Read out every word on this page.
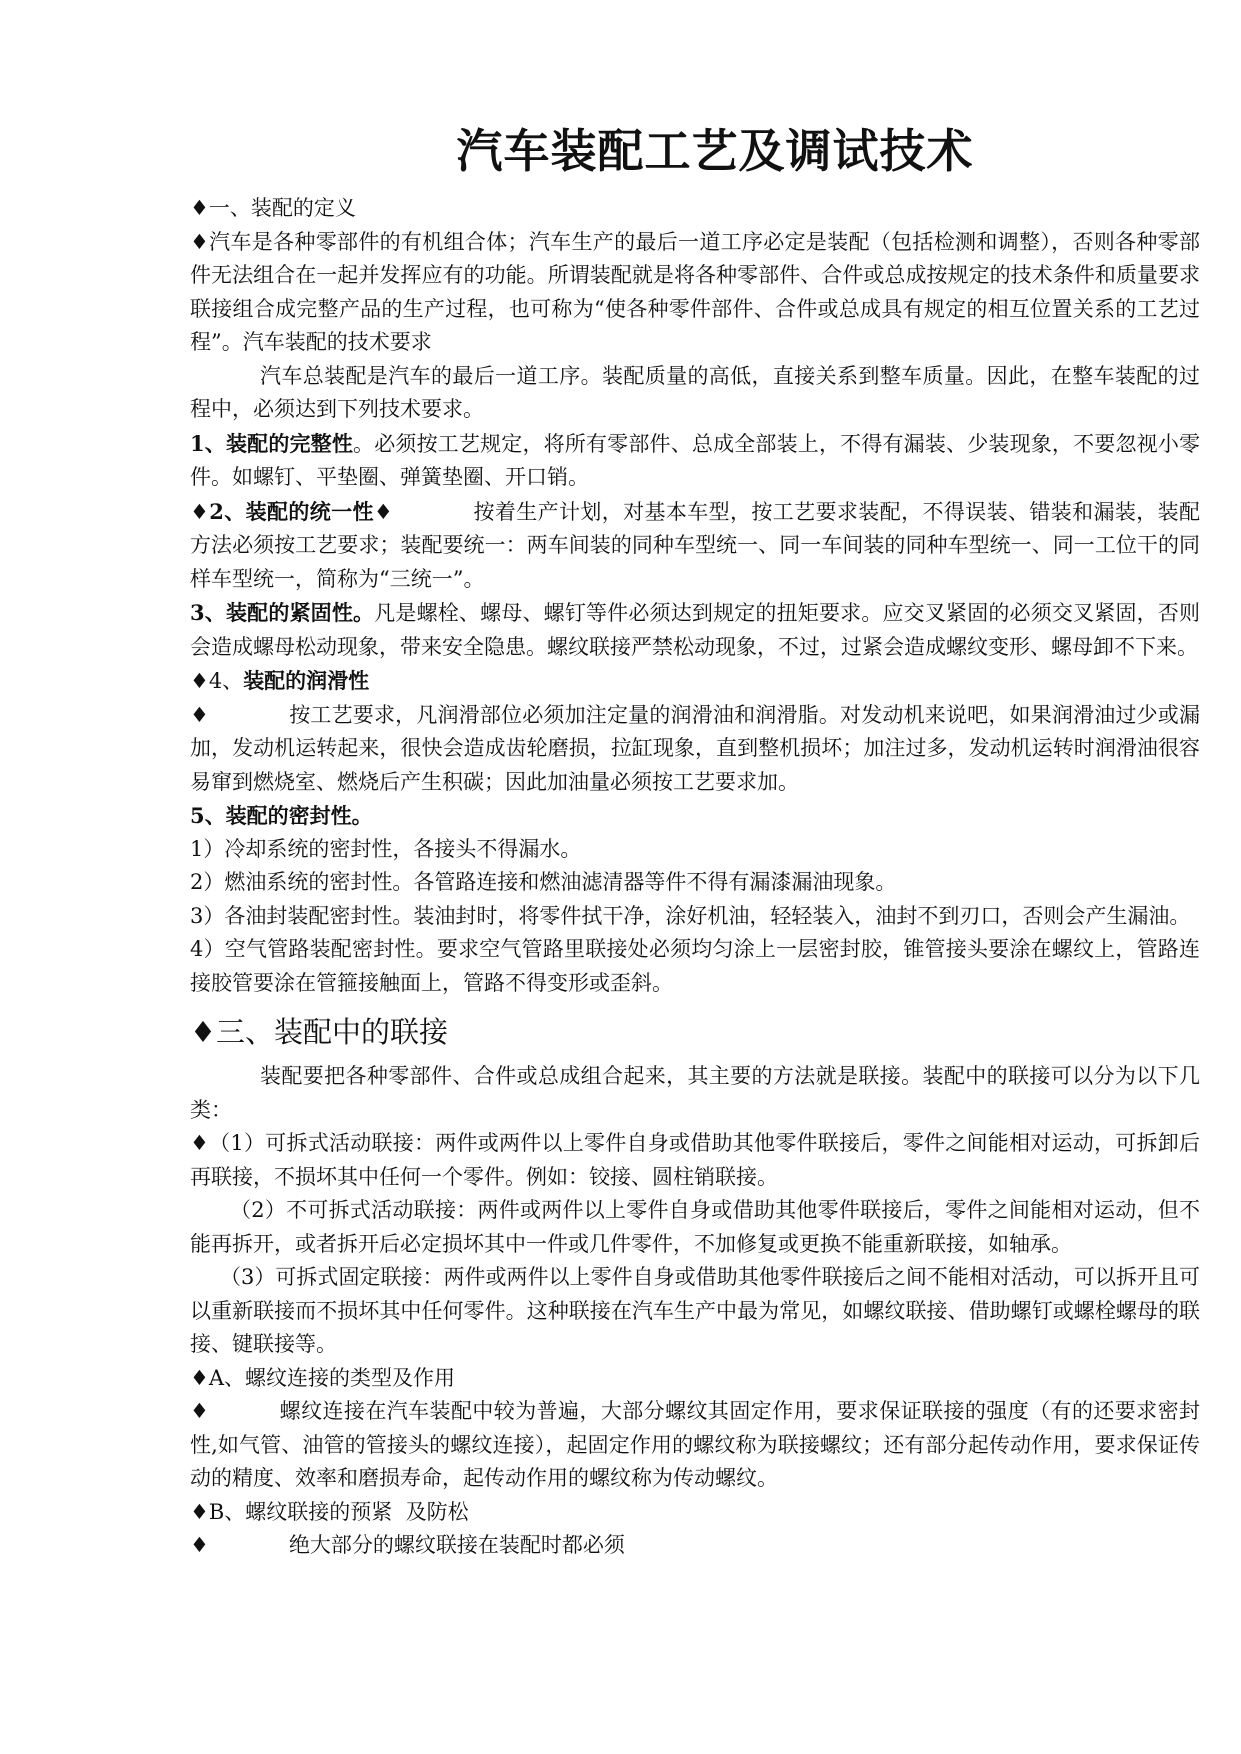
汽车装配工艺及调试技术

♦一、装配的定义

♦汽车是各种零部件的有机组合体；汽车生产的最后一道工序必定是装配（包括检测和调整），否则各种零部件无法组合在一起并发挥应有的功能。所谓装配就是将各种零部件、合件或总成按规定的技术条件和质量要求联接组合成完整产品的生产过程，也可称为“使各种零件部件、合件或总成具有规定的相互位置关系的工艺过程”。汽车装配的技术要求

汽车总装配是汽车的最后一道工序。装配质量的高低，直接关系到整车质量。因此，在整车装配的过程中，必须达到下列技术要求。

1、装配的完整性。必须按工艺规定，将所有零部件、总成全部装上，不得有漏装、少装现象，不要忽视小零件。如螺钉、平垫圈、弹簧垫圈、开口销。

♦2、装配的统一性♦	按着生产计划，对基本车型，按工艺要求装配，不得误装、错装和漏装，装配方法必须按工艺要求；装配要统一：两车间装的同种车型统一、同一车间装的同种车型统一、同一工位干的同样车型统一，简称为“三统一”。

3、装配的紧固性。凡是螺栓、螺母、螺钉等件必须达到规定的扭矩要求。应交叉紧固的必须交叉紧固，否则会造成螺母松动现象，带来安全隐患。螺纹联接严禁松动现象，不过，过紧会造成螺纹变形、螺母卸不下来。

♦4、装配的润滑性

♦	按工艺要求，凡润滑部位必须加注定量的润滑油和润滑脂。对发动机来说吧，如果润滑油过少或漏加，发动机运转起来，很快会造成齿轮磨损，拉缸现象，直到整机损坏；加注过多，发动机运转时润滑油很容易窜到燃烧室、燃烧后产生积碳；因此加油量必须按工艺要求加。

5、装配的密封性。

1）冷却系统的密封性，各接头不得漏水。

2）燃油系统的密封性。各管路连接和燃油滤清器等件不得有漏漆漏油现象。

3）各油封装配密封性。装油封时，将零件拭干净，涂好机油，轻轻装入，油封不到刃口，否则会产生漏油。

4）空气管路装配密封性。要求空气管路里联接处必须均匀涂上一层密封胶，锥管接头要涂在螺纹上，管路连接胶管要涂在管箍接触面上，管路不得变形或歪斜。

♦三、装配中的联接

装配要把各种零部件、合件或总成组合起来，其主要的方法就是联接。装配中的联接可以分为以下几类：

♦（1）可拆式活动联接：两件或两件以上零件自身或借助其他零件联接后，零件之间能相对运动，可拆卸后再联接，不损坏其中任何一个零件。例如：铰接、圆柱销联接。

（2）不可拆式活动联接：两件或两件以上零件自身或借助其他零件联接后，零件之间能相对运动，但不能再拆开，或者拆开后必定损坏其中一件或几件零件，不加修复或更换不能重新联接，如轴承。

（3）可拆式固定联接：两件或两件以上零件自身或借助其他零件联接后之间不能相对活动，可以拆开且可以重新联接而不损坏其中任何零件。这种联接在汽车生产中最为常见，如螺纹联接、借助螺钉或螺栓螺母的联接、键联接等。

♦A、螺纹连接的类型及作用

♦	螺纹连接在汽车装配中较为普遍，大部分螺纹其固定作用，要求保证联接的强度（有的还要求密封性,如气管、油管的管接头的螺纹连接），起固定作用的螺纹称为联接螺纹；还有部分起传动作用，要求保证传动的精度、效率和磨损寿命，起传动作用的螺纹称为传动螺纹。

♦B、螺纹联接的预紧  及防松

♦	绝大部分的螺纹联接在装配时都必须
